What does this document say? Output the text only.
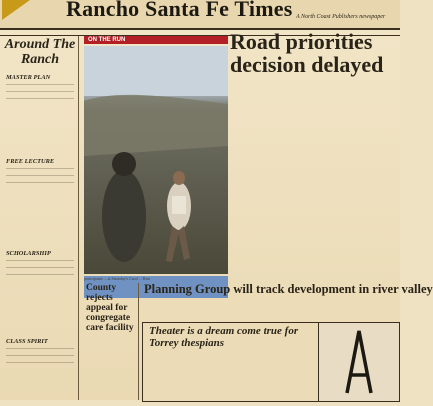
Rancho Santa Fe Times A North Coast Publishers newspaper
Around The Ranch
MASTER PLAN
FREE LECTURE
SCHOLARSHIP
CLASS SPIRIT
ON THE RUN
participants ... at Saturday's Carol ... Run
Road priorities decision delayed
County rejects appeal for congregate care facility
Planning Group will track development in river valley
Theater is a dream come true for Torrey thespians
